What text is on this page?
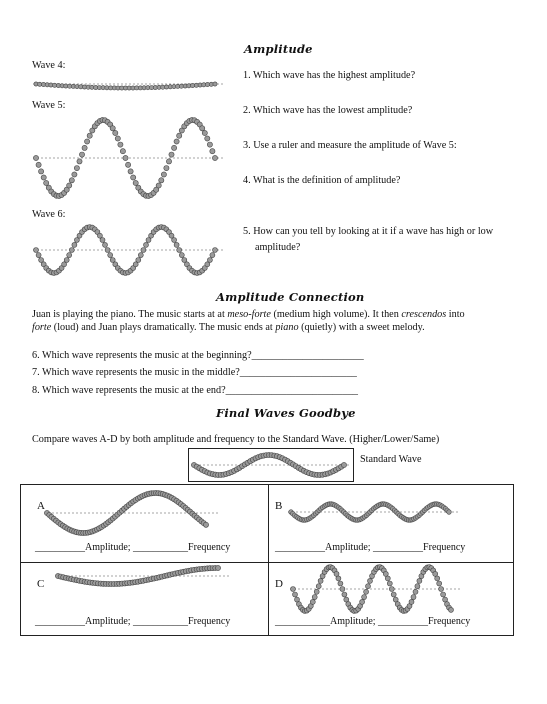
Amplitude
Wave 4:
Wave 5:
Wave 6:
1. Which wave has the highest amplitude?
2. Which wave has the lowest amplitude?
3. Use a ruler and measure the amplitude of Wave 5:
4. What is the definition of amplitude?
5. How can you tell by looking at it if a wave has high or low
amplitude?
Amplitude Connection
Juan is playing the piano. The music starts at at meso-forte (medium high volume). It then crescendos into
forte (loud) and Juan plays dramatically. The music ends at piano (quietly) with a sweet melody.
6. Which wave represents the music at the beginning?______________________
7. Which wave represents the music in the middle?_______________________
8. Which wave represents the music at the end?__________________________
Final Waves Goodbye
Compare waves A-D by both amplitude and frequency to the Standard Wave. (Higher/Lower/Same)
Standard Wave
A
__________Amplitude; ___________Frequency
B
__________Amplitude; __________Frequency
C
__________Amplitude; ___________Frequency
D
___________Amplitude; __________Frequency
